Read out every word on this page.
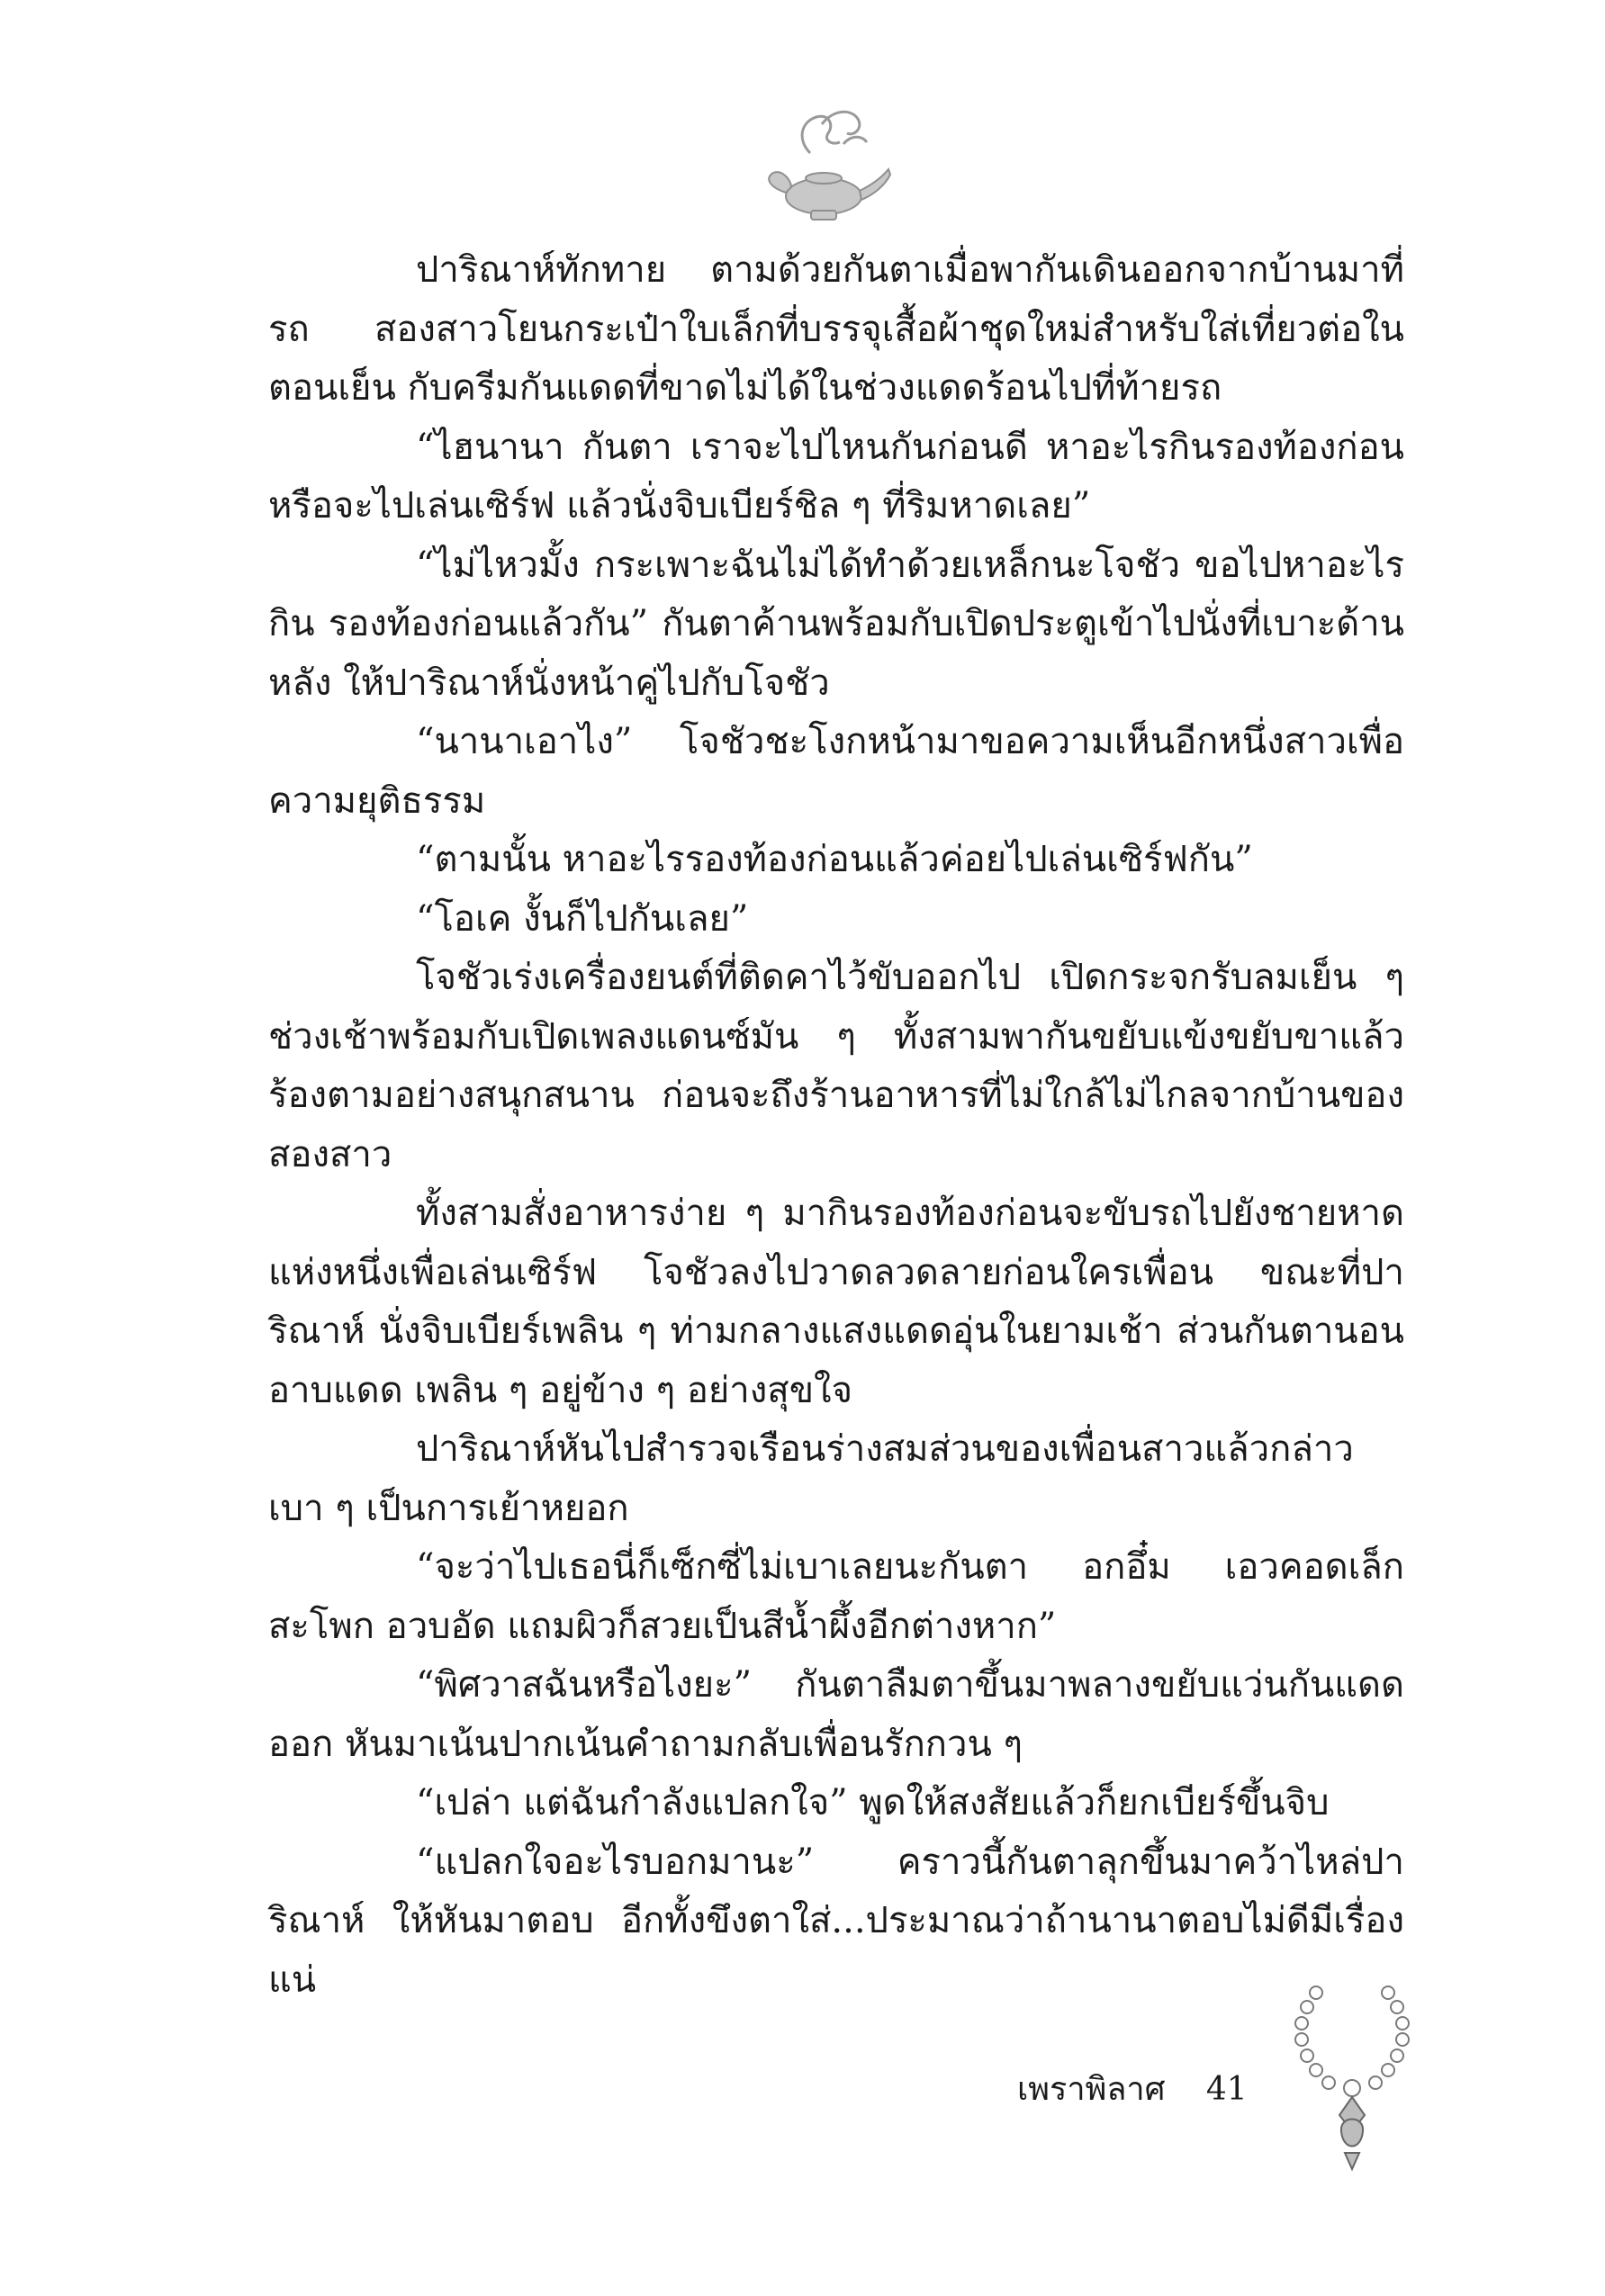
ปาริณาห์ทักทาย ตามด้วยกันตาเมื่อพากันเดินออกจากบ้านมาที่รถ สองสาวโยนกระเป๋าใบเล็กที่บรรจุเสื้อผ้าชุดใหม่สำหรับใส่เที่ยวต่อในตอนเย็น กับครีมกันแดดที่ขาดไม่ได้ในช่วงแดดร้อนไปที่ท้ายรถ

“ไฮนานา กันตา เราจะไปไหนกันก่อนดี หาอะไรกินรองท้องก่อน หรือจะไปเล่นเซิร์ฟ แล้วนั่งจิบเบียร์ชิล ๆ ที่ริมหาดเลย”

“ไม่ไหวมั้ง กระเพาะฉันไม่ได้ทำด้วยเหล็กนะโจชัว ขอไปหาอะไรกิน รองท้องก่อนแล้วกัน” กันตาค้านพร้อมกับเปิดประตูเข้าไปนั่งที่เบาะด้านหลัง ให้ปาริณาห์นั่งหน้าคู่ไปกับโจชัว

“นานาเอาไง” โจชัวชะโงกหน้ามาขอความเห็นอีกหนึ่งสาวเพื่อ ความยุติธรรม

“ตามนั้น หาอะไรรองท้องก่อนแล้วค่อยไปเล่นเซิร์ฟกัน”

“โอเค งั้นก็ไปกันเลย”

โจชัวเร่งเครื่องยนต์ที่ติดคาไว้ขับออกไป เปิดกระจกรับลมเย็น ๆ ช่วงเช้าพร้อมกับเปิดเพลงแดนซ์มัน ๆ ทั้งสามพากันขยับแข้งขยับขาแล้ว ร้องตามอย่างสนุกสนาน ก่อนจะถึงร้านอาหารที่ไม่ใกล้ไม่ไกลจากบ้านของ สองสาว

ทั้งสามสั่งอาหารง่าย ๆ มากินรองท้องก่อนจะขับรถไปยังชายหาด แห่งหนึ่งเพื่อเล่นเซิร์ฟ โจชัวลงไปวาดลวดลายก่อนใครเพื่อน ขณะที่ปาริณาห์ นั่งจิบเบียร์เพลิน ๆ ท่ามกลางแสงแดดอุ่นในยามเช้า ส่วนกันตานอนอาบแดด เพลิน ๆ อยู่ข้าง ๆ อย่างสุขใจ

ปาริณาห์หันไปสำรวจเรือนร่างสมส่วนของเพื่อนสาวแล้วกล่าวเบา ๆ เป็นการเย้าหยอก

“จะว่าไปเธอนี่ก็เซ็กซี่ไม่เบาเลยนะกันตา อกอึ๋ม เอวคอดเล็ก สะโพก อวบอัด แถมผิวก็สวยเป็นสีน้ำผึ้งอีกต่างหาก”

“พิศวาสฉันหรือไงยะ” กันตาลืมตาขึ้นมาพลางขยับแว่นกันแดดออก หันมาเน้นปากเน้นคำถามกลับเพื่อนรักกวน ๆ

“เปล่า แต่ฉันกำลังแปลกใจ” พูดให้สงสัยแล้วก็ยกเบียร์ขึ้นจิบ

“แปลกใจอะไรบอกมานะ” คราวนี้กันตาลุกขึ้นมาคว้าไหล่ปาริณาห์ ให้หันมาตอบ อีกทั้งขึงตาใส่...ประมาณว่าถ้านานาตอบไม่ดีมีเรื่องแน่

เพราพิลาศ 41
